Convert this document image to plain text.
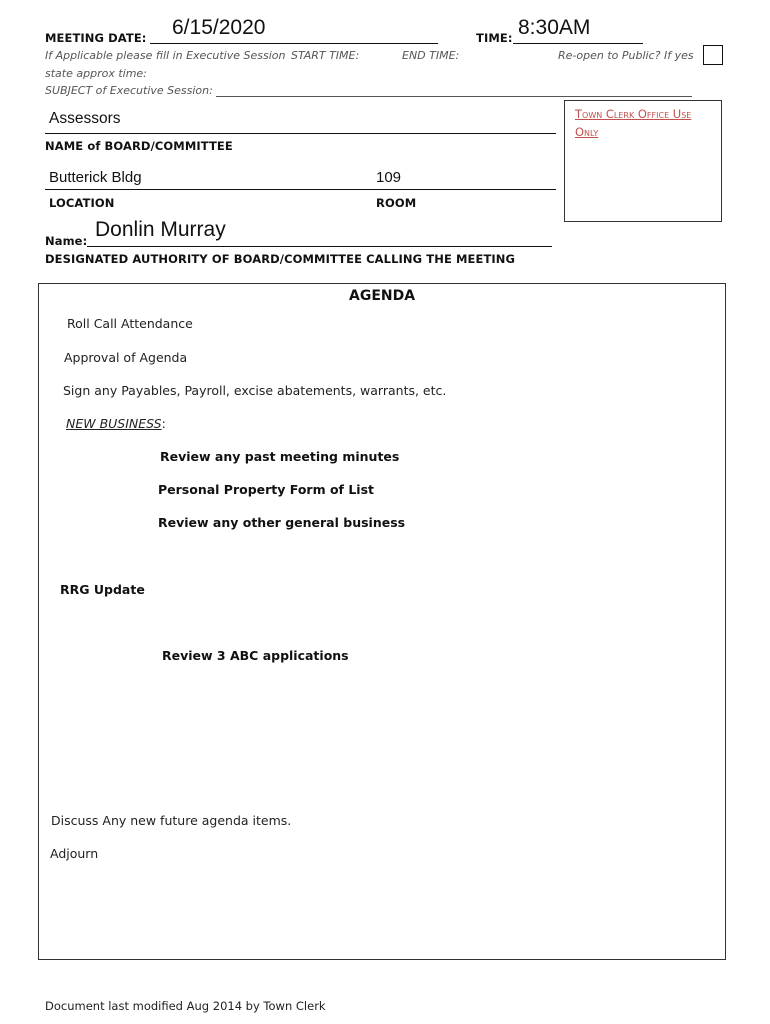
MEETING DATE: 6/15/2020	TIME: 8:30AM
If Applicable please fill in Executive Session START TIME:	END TIME:	Re-open to Public? If yes
state approx time:
SUBJECT of Executive Session:
Town Clerk Office Use
Only
Assessors
NAME of BOARD/COMMITTEE
Butterick Bldg	109
LOCATION	ROOM
Name: Donlin Murray
DESIGNATED AUTHORITY OF BOARD/COMMITTEE CALLING THE MEETING
AGENDA
Roll Call Attendance
Approval of Agenda
Sign any Payables, Payroll, excise abatements, warrants, etc.
NEW BUSINESS:
Review any past meeting minutes
Personal Property Form of List
Review any other general business
RRG Update
Review 3 ABC applications
Discuss Any new future agenda items.
Adjourn
Document last modified Aug 2014 by Town Clerk
